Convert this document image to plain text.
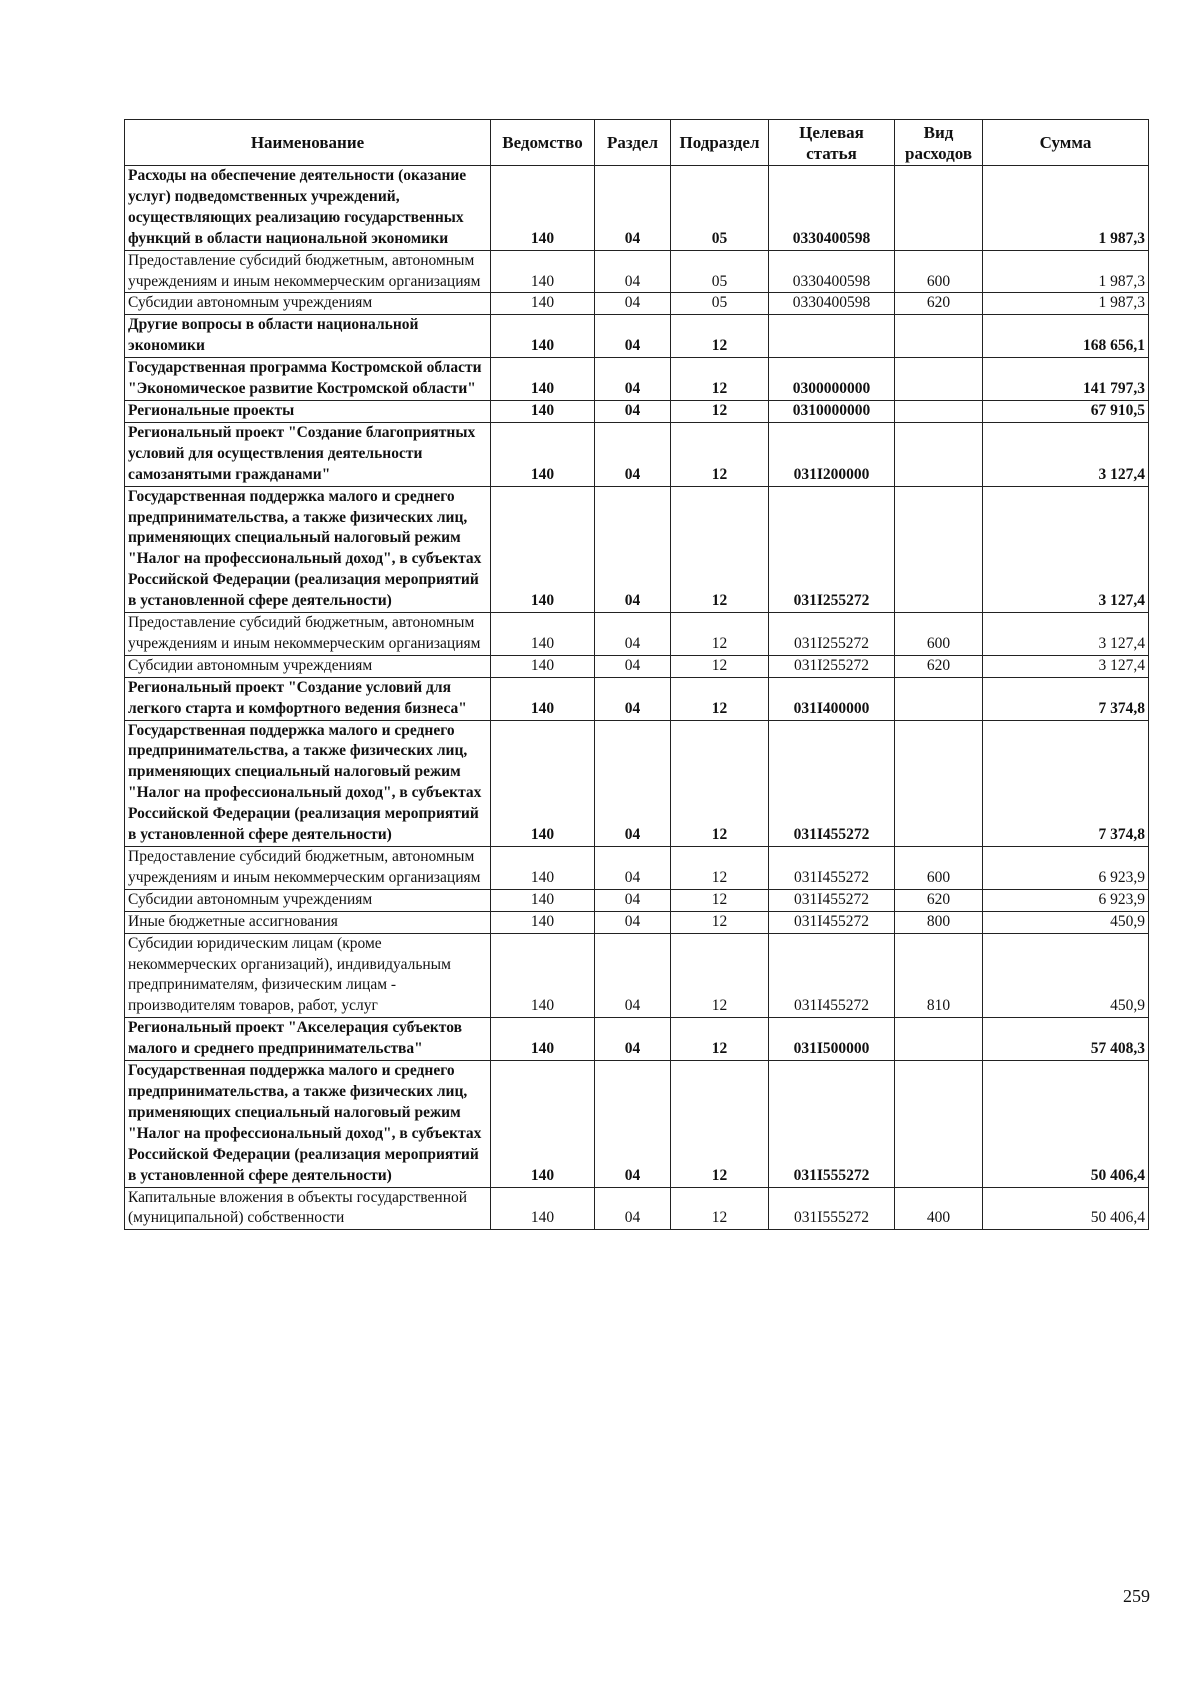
Наименование	Ведомство	Раздел	Подраздел	Целевая статья	Вид расходов	Сумма
Расходы на обеспечение деятельности (оказание услуг) подведомственных учреждений, осуществляющих реализацию государственных функций в области национальной экономики	140	04	05	0330400598		1 987,3
Предоставление субсидий бюджетным, автономным учреждениям и иным некоммерческим организациям	140	04	05	0330400598	600	1 987,3
Субсидии автономным учреждениям	140	04	05	0330400598	620	1 987,3
Другие вопросы в области национальной экономики	140	04	12			168 656,1
Государственная программа Костромской области "Экономическое развитие Костромской области"	140	04	12	0300000000		141 797,3
Региональные проекты	140	04	12	0310000000		67 910,5
Региональный проект "Создание благоприятных условий для осуществления деятельности самозанятыми гражданами"	140	04	12	031I200000		3 127,4
Государственная поддержка малого и среднего предпринимательства, а также физических лиц, применяющих специальный налоговый режим "Налог на профессиональный доход", в субъектах Российской Федерации (реализация мероприятий в установленной сфере деятельности)	140	04	12	031I255272		3 127,4
Предоставление субсидий бюджетным, автономным учреждениям и иным некоммерческим организациям	140	04	12	031I255272	600	3 127,4
Субсидии автономным учреждениям	140	04	12	031I255272	620	3 127,4
Региональный проект "Создание условий для легкого старта и комфортного ведения бизнеса"	140	04	12	031I400000		7 374,8
Государственная поддержка малого и среднего предпринимательства, а также физических лиц, применяющих специальный налоговый режим "Налог на профессиональный доход", в субъектах Российской Федерации (реализация мероприятий в установленной сфере деятельности)	140	04	12	031I455272		7 374,8
Предоставление субсидий бюджетным, автономным учреждениям и иным некоммерческим организациям	140	04	12	031I455272	600	6 923,9
Субсидии автономным учреждениям	140	04	12	031I455272	620	6 923,9
Иные бюджетные ассигнования	140	04	12	031I455272	800	450,9
Субсидии юридическим лицам (кроме некоммерческих организаций), индивидуальным предпринимателям, физическим лицам - производителям товаров, работ, услуг	140	04	12	031I455272	810	450,9
Региональный проект "Акселерация субъектов малого и среднего предпринимательства"	140	04	12	031I500000		57 408,3
Государственная поддержка малого и среднего предпринимательства, а также физических лиц, применяющих специальный налоговый режим "Налог на профессиональный доход", в субъектах Российской Федерации (реализация мероприятий в установленной сфере деятельности)	140	04	12	031I555272		50 406,4
Капитальные вложения в объекты государственной (муниципальной) собственности	140	04	12	031I555272	400	50 406,4
259
